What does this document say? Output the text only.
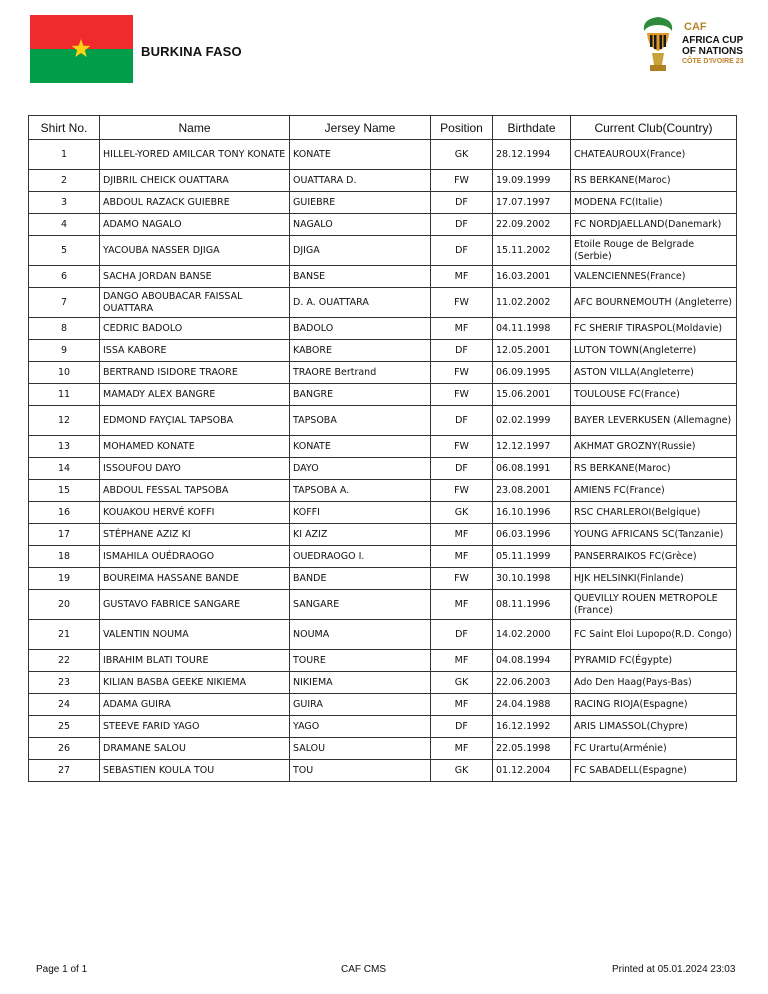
BURKINA FASO
CAF
AFRICA CUP
OF NATIONS
CÔTE D'IVOIRE 23
Shirt No.	Name	Jersey Name	Position	Birthdate	Current Club(Country)
1	HILLEL-YORED AMILCAR TONY KONATE	KONATE	GK	28.12.1994	CHATEAUROUX(France)
2	DJIBRIL CHEICK OUATTARA	OUATTARA D.	FW	19.09.1999	RS BERKANE(Maroc)
3	ABDOUL RAZACK GUIEBRE	GUIEBRE	DF	17.07.1997	MODENA FC(Italie)
4	ADAMO NAGALO	NAGALO	DF	22.09.2002	FC NORDJAELLAND(Danemark)
5	YACOUBA NASSER DJIGA	DJIGA	DF	15.11.2002	Etoile Rouge de Belgrade (Serbie)
6	SACHA JORDAN BANSE	BANSE	MF	16.03.2001	VALENCIENNES(France)
7	DANGO ABOUBACAR FAISSAL OUATTARA	D. A. OUATTARA	FW	11.02.2002	AFC BOURNEMOUTH (Angleterre)
8	CEDRIC BADOLO	BADOLO	MF	04.11.1998	FC SHERIF TIRASPOL(Moldavie)
9	ISSA KABORE	KABORE	DF	12.05.2001	LUTON TOWN(Angleterre)
10	BERTRAND ISIDORE TRAORE	TRAORE Bertrand	FW	06.09.1995	ASTON VILLA(Angleterre)
11	MAMADY ALEX BANGRE	BANGRE	FW	15.06.2001	TOULOUSE FC(France)
12	EDMOND FAYÇIAL TAPSOBA	TAPSOBA	DF	02.02.1999	BAYER LEVERKUSEN (Allemagne)
13	MOHAMED KONATE	KONATE	FW	12.12.1997	AKHMAT GROZNY(Russie)
14	ISSOUFOU DAYO	DAYO	DF	06.08.1991	RS BERKANE(Maroc)
15	ABDOUL FESSAL TAPSOBA	TAPSOBA A.	FW	23.08.2001	AMIENS FC(France)
16	KOUAKOU HERVÉ KOFFI	KOFFI	GK	16.10.1996	RSC CHARLEROI(Belgique)
17	STÉPHANE AZIZ KI	KI AZIZ	MF	06.03.1996	YOUNG AFRICANS SC(Tanzanie)
18	ISMAHILA OUÉDRAOGO	OUEDRAOGO I.	MF	05.11.1999	PANSERRAIKOS FC(Grèce)
19	BOUREIMA HASSANE BANDE	BANDE	FW	30.10.1998	HJK HELSINKI(Finlande)
20	GUSTAVO FABRICE SANGARE	SANGARE	MF	08.11.1996	QUEVILLY ROUEN METROPOLE (France)
21	VALENTIN NOUMA	NOUMA	DF	14.02.2000	FC Saint Eloi Lupopo(R.D. Congo)
22	IBRAHIM BLATI TOURE	TOURE	MF	04.08.1994	PYRAMID FC(Égypte)
23	KILIAN BASBA GEEKE NIKIEMA	NIKIEMA	GK	22.06.2003	Ado Den Haag(Pays-Bas)
24	ADAMA GUIRA	GUIRA	MF	24.04.1988	RACING RIOJA(Espagne)
25	STEEVE FARID YAGO	YAGO	DF	16.12.1992	ARIS LIMASSOL(Chypre)
26	DRAMANE SALOU	SALOU	MF	22.05.1998	FC Urartu(Arménie)
27	SEBASTIEN KOULA TOU	TOU	GK	01.12.2004	FC SABADELL(Espagne)
Page 1 of 1	CAF CMS	Printed at 05.01.2024 23:03
